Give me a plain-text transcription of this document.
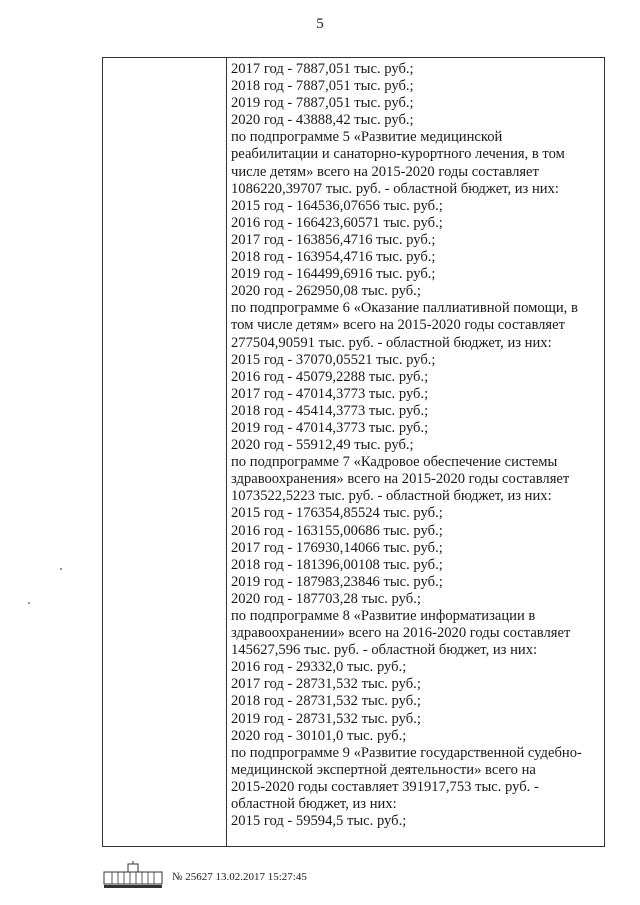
5
2017 год - 7887,051 тыс. руб.;
2018 год - 7887,051 тыс. руб.;
2019 год - 7887,051 тыс. руб.;
2020 год - 43888,42 тыс. руб.;
по подпрограмме 5 «Развитие медицинской
реабилитации и санаторно-курортного лечения, в том
числе детям» всего на 2015-2020 годы составляет
1086220,39707 тыс. руб. - областной бюджет, из них:
2015 год - 164536,07656 тыс. руб.;
2016 год - 166423,60571 тыс. руб.;
2017 год - 163856,4716 тыс. руб.;
2018 год - 163954,4716 тыс. руб.;
2019 год - 164499,6916 тыс. руб.;
2020 год - 262950,08 тыс. руб.;
по подпрограмме 6 «Оказание паллиативной помощи, в
том числе детям» всего на 2015-2020 годы составляет
277504,90591 тыс. руб. - областной бюджет, из них:
2015 год - 37070,05521 тыс. руб.;
2016 год - 45079,2288 тыс. руб.;
2017 год - 47014,3773 тыс. руб.;
2018 год - 45414,3773 тыс. руб.;
2019 год - 47014,3773 тыс. руб.;
2020 год - 55912,49 тыс. руб.;
по подпрограмме 7 «Кадровое обеспечение системы
здравоохранения» всего на 2015-2020 годы составляет
1073522,5223 тыс. руб. - областной бюджет, из них:
2015 год - 176354,85524 тыс. руб.;
2016 год - 163155,00686 тыс. руб.;
2017 год - 176930,14066 тыс. руб.;
2018 год - 181396,00108 тыс. руб.;
2019 год - 187983,23846 тыс. руб.;
2020 год - 187703,28 тыс. руб.;
по подпрограмме 8 «Развитие информатизации в
здравоохранении» всего на 2016-2020 годы составляет
145627,596 тыс. руб. - областной бюджет, из них:
2016 год - 29332,0 тыс. руб.;
2017 год - 28731,532 тыс. руб.;
2018 год - 28731,532 тыс. руб.;
2019 год - 28731,532 тыс. руб.;
2020 год - 30101,0 тыс. руб.;
по подпрограмме 9 «Развитие государственной судебно-
медицинской экспертной деятельности» всего на
2015-2020 годы составляет 391917,753 тыс. руб. -
областной бюджет, из них:
2015 год - 59594,5 тыс. руб.;
№ 25627 13.02.2017 15:27:45
